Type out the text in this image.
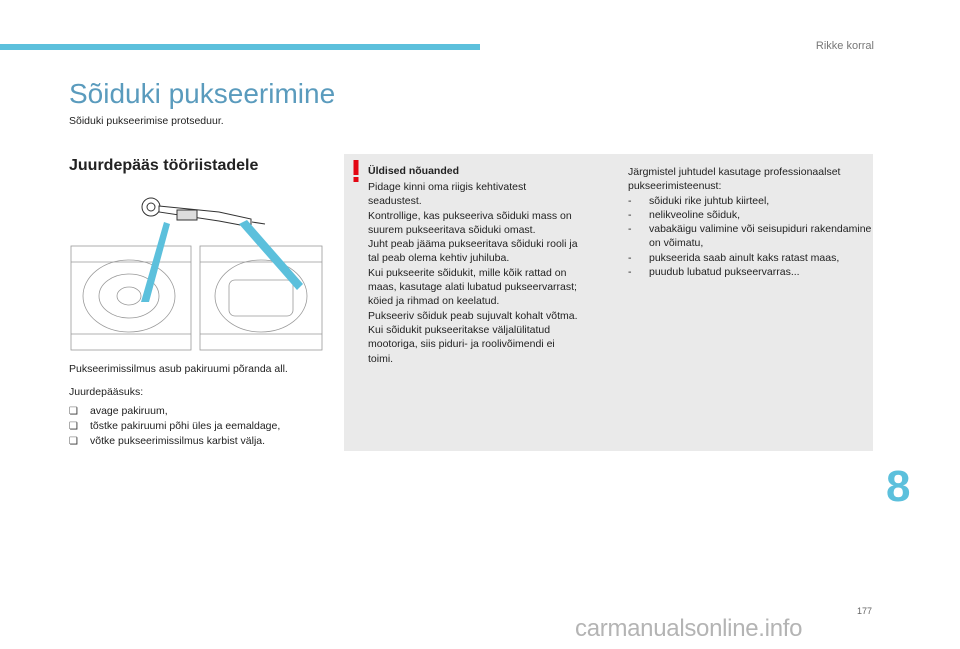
Rikke korral
Sõiduki pukseerimine
Sõiduki pukseerimise protseduur.
Juurdepääs tööriistadele
Pukseerimissilmus asub pakiruumi põranda all.
Juurdepääsuks:
❏ avage pakiruum,
❏ tõstke pakiruumi põhi üles ja eemaldage,
❏ võtke pukseerimissilmus karbist välja.
Üldised nõuanded
Pidage kinni oma riigis kehtivatest
seadustest.
Kontrollige, kas pukseeriva sõiduki mass on
suurem pukseeritava sõiduki omast.
Juht peab jääma pukseeritava sõiduki rooli ja
tal peab olema kehtiv juhiluba.
Kui pukseerite sõidukit, mille kõik rattad on
maas, kasutage alati lubatud pukseervarrast;
köied ja rihmad on keelatud.
Pukseeriv sõiduk peab sujuvalt kohalt võtma.
Kui sõidukit pukseeritakse väljalülitatud
mootoriga, siis piduri- ja roolivõimendi ei
toimi.
Järgmistel juhtudel kasutage professionaalset pukseerimisteenust:
- sõiduki rike juhtub kiirteel,
- nelikveoline sõiduk,
- vabakäigu valimine või seisupiduri rakendamine on võimatu,
- pukseerida saab ainult kaks ratast maas,
- puudub lubatud pukseervarras...
8
177
carmanualsonline.info
